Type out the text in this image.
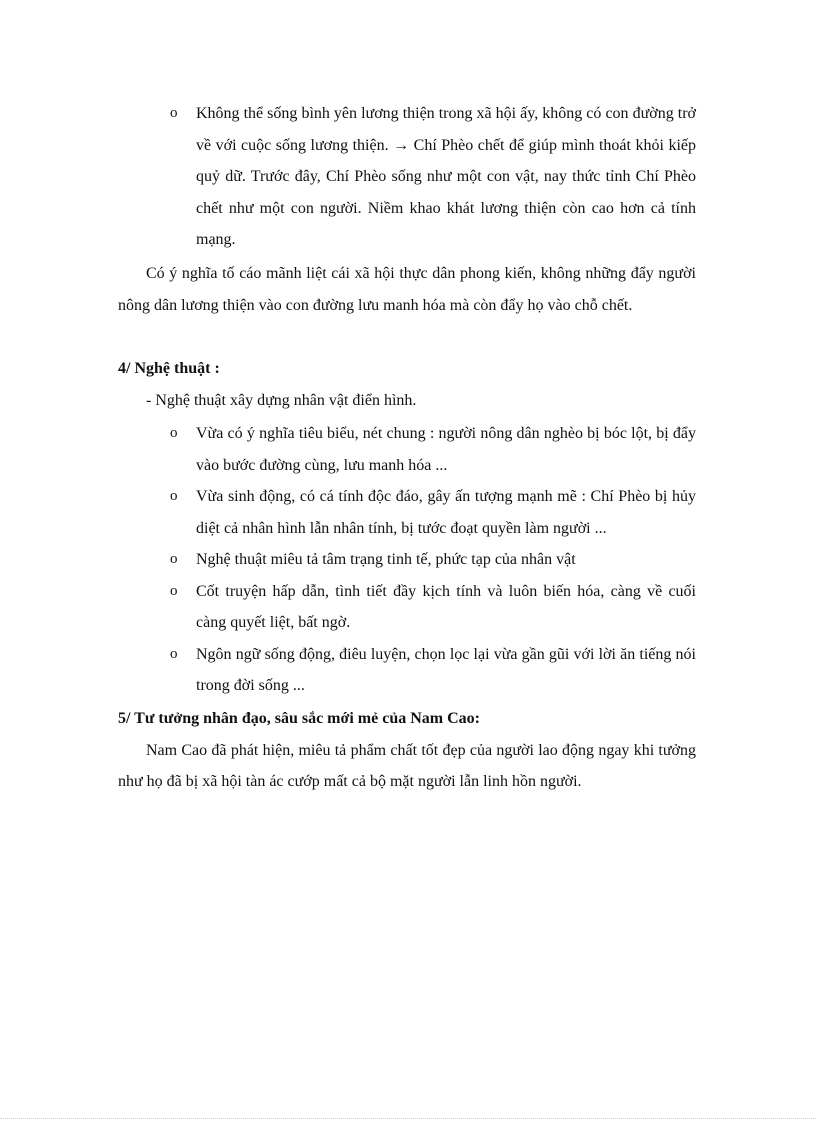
o	Không thể sống bình yên lương thiện trong xã hội ấy, không có con đường trở về với cuộc sống lương thiện. → Chí Phèo chết để giúp mình thoát khỏi kiếp quỷ dữ. Trước đây, Chí Phèo sống như một con vật, nay thức tỉnh Chí Phèo chết như một con người. Niềm khao khát lương thiện còn cao hơn cả tính mạng.
Có ý nghĩa tố cáo mãnh liệt cái xã hội thực dân phong kiến, không những đẩy người nông dân lương thiện vào con đường lưu manh hóa mà còn đẩy họ vào chỗ chết.
4/ Nghệ thuật :
- Nghệ thuật xây dựng nhân vật điển hình.
o	Vừa có ý nghĩa tiêu biểu, nét chung : người nông dân nghèo bị bóc lột, bị đẩy vào bước đường cùng, lưu manh hóa ...
o	Vừa sinh động, có cá tính độc đáo, gây ấn tượng mạnh mẽ : Chí Phèo bị hủy diệt cả nhân hình lẫn nhân tính, bị tước đoạt quyền làm người ...
o	Nghệ thuật miêu tả tâm trạng tinh tế, phức tạp của nhân vật
o	Cốt truyện hấp dẫn, tình tiết đầy kịch tính và luôn biến hóa, càng về cuối càng quyết liệt, bất ngờ.
o	Ngôn ngữ sống động, điêu luyện, chọn lọc lại vừa gần gũi với lời ăn tiếng nói trong đời sống ...
5/ Tư tưởng nhân đạo, sâu sắc mới mẻ của Nam Cao:
Nam Cao đã phát hiện, miêu tả phẩm chất tốt đẹp của người lao động ngay khi tưởng như họ đã bị xã hội tàn ác cướp mất cả bộ mặt người lẫn linh hồn người.
